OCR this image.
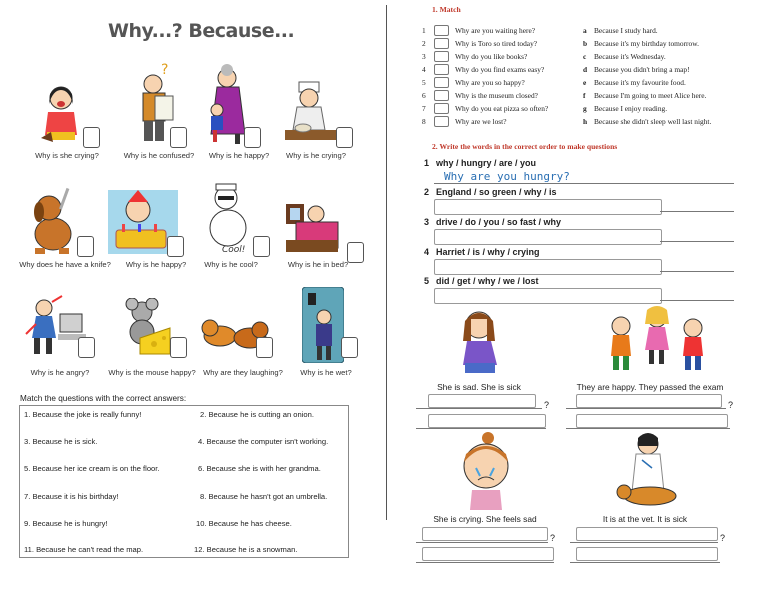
Why...? Because...
?
Why is she crying?	Why is he confused?	Why is he happy?	Why is he crying?
Cool!
Why does he have a knife?	Why is he happy?	Why is he cool?	Why is he in bed?
Why is he angry?	Why is the mouse happy? Why are they laughing?	Why is he wet?
Match the questions with the correct answers:
1. Because the joke is really funny!	2. Because he is cutting an onion.
3. Because he is sick.	4. Because the computer isn't working.
5. Because her ice cream is on the floor.	6. Because she is with her grandma.
7. Because it is his birthday!	8. Because he hasn't got an umbrella.
9. Because he is hungry!	10. Because he has cheese.
11. Because he can't read the map.	12. Because he is a snowman.
1. Match
1	Why are you waiting here?	a Because I study hard.
2	Why is Toro so tired today?	b Because it's my birthday tomorrow.
3	Why do you like books?	c Because it's Wednesday.
4	Why do you find exams easy?	d Because you didn't bring a map!
5	Why are you so happy?	e Because it's my favourite food.
6	Why is the museum closed?	f Because I'm going to meet Alice here.
7	Why do you eat pizza so often?	g Because I enjoy reading.
8	Why are we lost?	h Because she didn't sleep well last night.
2. Write the words in the correct order to make questions
1 why / hungry / are / you
Why are you hungry?
2 England / so green / why / is
3 drive / do / you / so fast / why
4 Harriet / is / why / crying
5 did / get / why / we / lost
She is sad. She is sick	They are happy. They passed the exam
?	?
She is crying. She feels sad	It is at the vet. It is sick
?	?
